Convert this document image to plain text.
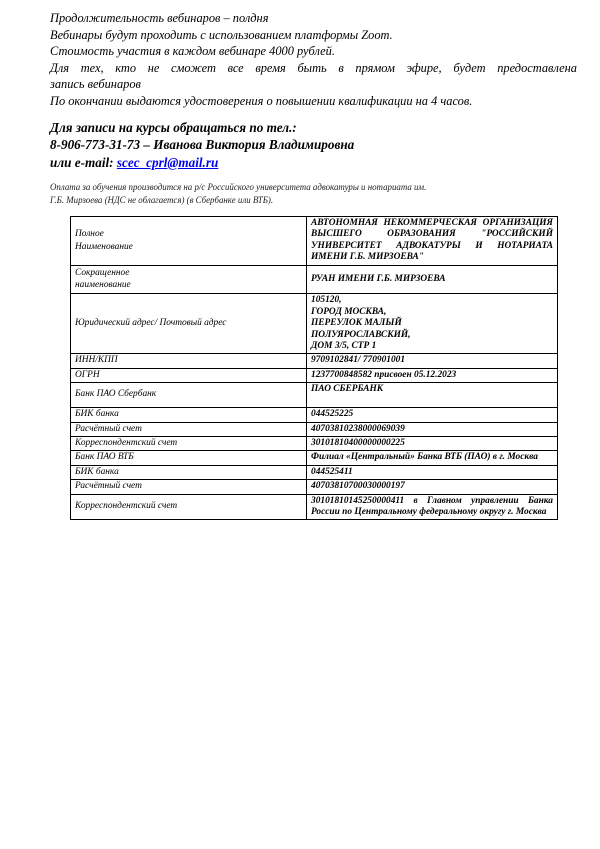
Продолжительность вебинаров – полдня

Вебинары будут проходить с использованием платформы Zoom.

Стоимость участия в каждом вебинаре 4000 рублей.

Для тех, кто не сможет все время быть в прямом эфире, будет предоставлена

запись вебинаров

По окончании выдаются удостоверения о повышении квалификации на 4 часов.

Для записи на курсы обращаться по тел.:

8-906-773-31-73 – Иванова Виктория Владимировна

или e-mail: scec_cprl@mail.ru

Оплата за обучения производится на р/с Российского университета адвокатуры и нотариата им.

Г.Б. Мирзоева (НДС не облагается) (в Сбербанке или ВТБ).

Полное
Наименование	АВТОНОМНАЯ НЕКОММЕРЧЕСКАЯ ОРГАНИЗАЦИЯ ВЫСШЕГО ОБРАЗОВАНИЯ "РОССИЙСКИЙ УНИВЕРСИТЕТ АДВОКАТУРЫ И НОТАРИАТА ИМЕНИ Г.Б. МИРЗОЕВА"
Сокращенное
наименование	РУАН ИМЕНИ Г.Б. МИРЗОЕВА
Юридический адрес/ Почтовый адрес	105120,
ГОРОД МОСКВА,
ПЕРЕУЛОК МАЛЫЙ
ПОЛУЯРОСЛАВСКИЙ,
ДОМ 3/5, СТР 1
ИНН/КПП	9709102841/ 770901001
ОГРН	1237700848582 присвоен 05.12.2023
Банк ПАО Сбербанк	ПАО СБЕРБАНК
БИК банка	044525225
Расчётный счет	40703810238000069039
Корреспондентский счет	30101810400000000225
Банк ПАО ВТБ	Филиал «Центральный» Банка ВТБ (ПАО) в г. Москва
БИК банка	044525411
Расчётный счет	40703810700030000197
Корреспондентский счет	30101810145250000411 в Главном управлении Банка России по Центральному федеральному округу г. Москва
